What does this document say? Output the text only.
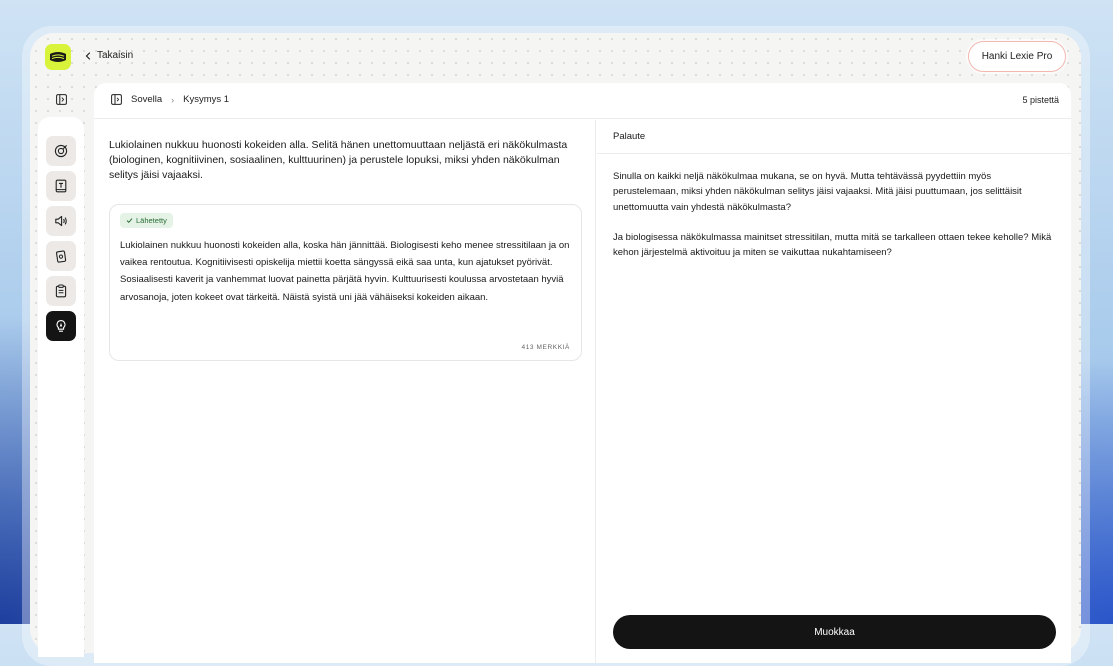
Takaisin	Hanki Lexie Pro
Sovella › Kysymys 1	5 pistettä
Lukiolainen nukkuu huonosti kokeiden alla. Selitä hänen unettomuuttaan neljästä eri näkökulmasta (biologinen, kognitiivinen, sosiaalinen, kulttuurinen) ja perustele lopuksi, miksi yhden näkökulman selitys jäisi vajaaksi.
Lähetetty
Lukiolainen nukkuu huonosti kokeiden alla, koska hän jännittää. Biologisesti keho menee stressitilaan ja on vaikea rentoutua. Kognitiivisesti opiskelija miettii koetta sängyssä eikä saa unta, kun ajatukset pyörivät. Sosiaalisesti kaverit ja vanhemmat luovat painetta pärjätä hyvin. Kulttuurisesti koulussa arvostetaan hyviä arvosanoja, joten kokeet ovat tärkeitä. Näistä syistä uni jää vähäiseksi kokeiden aikaan.
413 MERKKIÄ
Palaute

Sinulla on kaikki neljä näkökulmaa mukana, se on hyvä. Mutta tehtävässä pyydettiin myös perustelemaan, miksi yhden näkökulman selitys jäisi vajaaksi. Mitä jäisi puuttumaan, jos selittäisit unettomuutta vain yhdestä näkökulmasta?

Ja biologisessa näkökulmassa mainitset stressitilan, mutta mitä se tarkalleen ottaen tekee keholle? Mikä kehon järjestelmä aktivoituu ja miten se vaikuttaa nukahtamiseen?

Muokkaa
